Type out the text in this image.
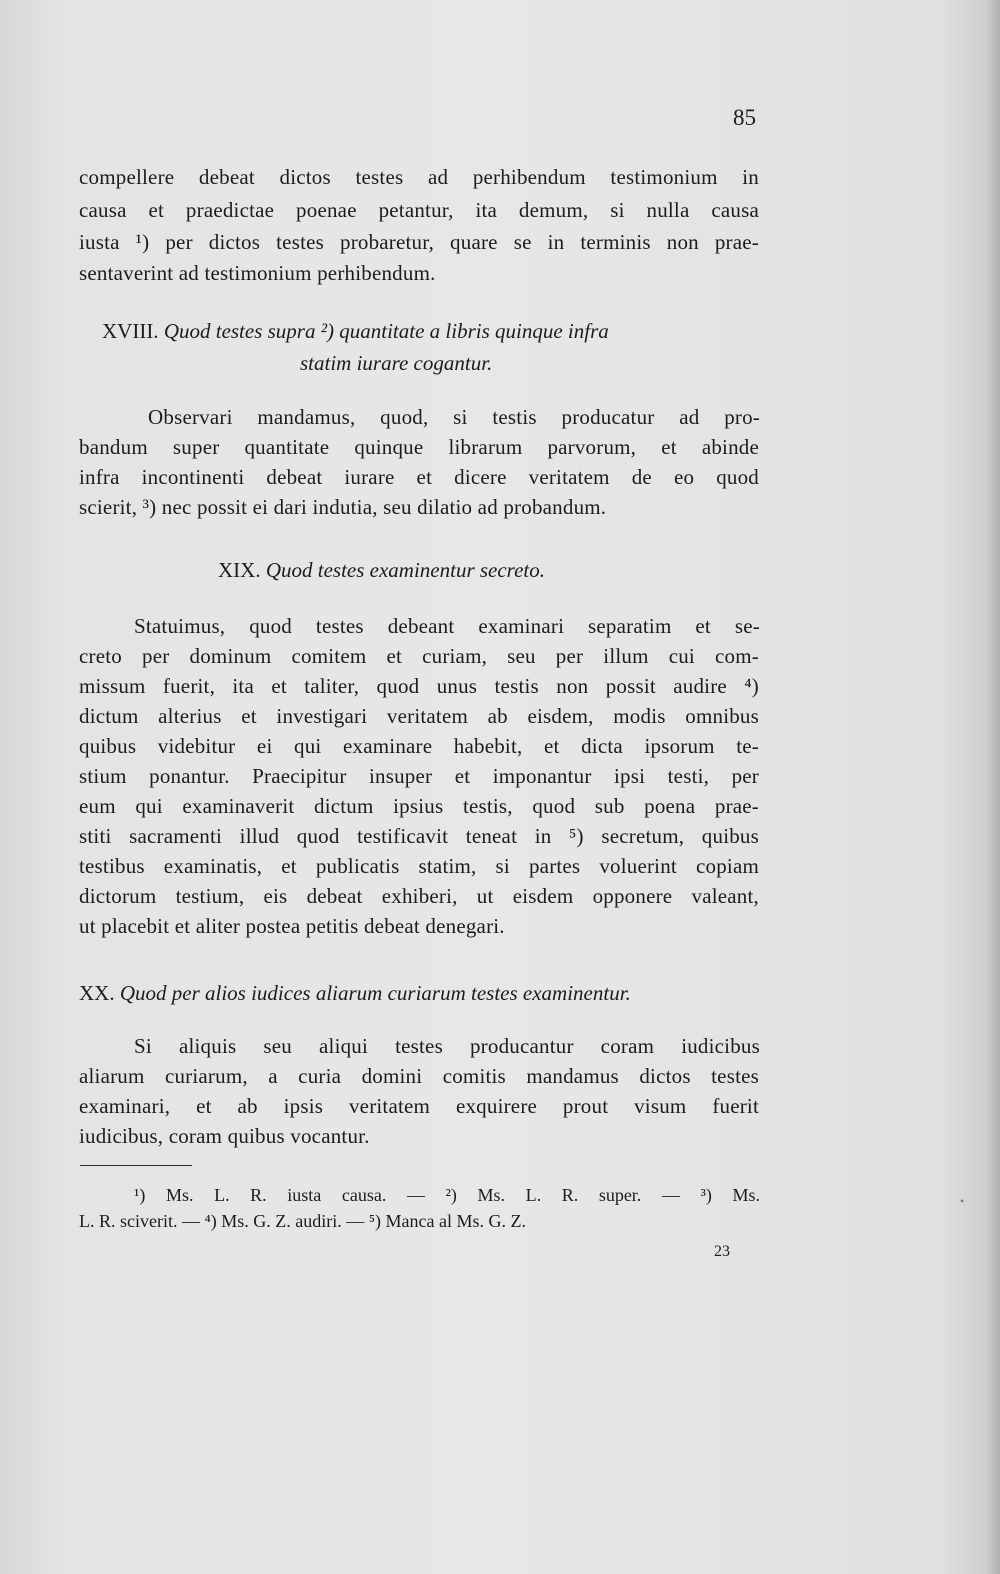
85
compellere debeat dictos testes ad perhibendum testimonium in
causa et praedictae poenae petantur, ita demum, si nulla causa
iusta ¹) per dictos testes probaretur, quare se in terminis non prae-
sentaverint ad testimonium perhibendum.
XVIII. Quod testes supra ²) quantitate a libris quinque infra
statim iurare cogantur.
Observari mandamus, quod, si testis producatur ad pro-
bandum super quantitate quinque librarum parvorum, et abinde
infra incontinenti debeat iurare et dicere veritatem de eo quod
scierit, ³) nec possit ei dari indutia, seu dilatio ad probandum.
XIX. Quod testes examinentur secreto.
Statuimus, quod testes debeant examinari separatim et se-
creto per dominum comitem et curiam, seu per illum cui com-
missum fuerit, ita et taliter, quod unus testis non possit audire ⁴)
dictum alterius et investigari veritatem ab eisdem, modis omnibus
quibus videbitur ei qui examinare habebit, et dicta ipsorum te-
stium ponantur. Praecipitur insuper et imponantur ipsi testi, per
eum qui examinaverit dictum ipsius testis, quod sub poena prae-
stiti sacramenti illud quod testificavit teneat in ⁵) secretum, quibus
testibus examinatis, et publicatis statim, si partes voluerint copiam
dictorum testium, eis debeat exhiberi, ut eisdem opponere valeant,
ut placebit et aliter postea petitis debeat denegari.
XX. Quod per alios iudices aliarum curiarum testes examinentur.
Si aliquis seu aliqui testes producantur coram iudicibus
aliarum curiarum, a curia domini comitis mandamus dictos testes
examinari, et ab ipsis veritatem exquirere prout visum fuerit
iudicibus, coram quibus vocantur.
¹) Ms. L. R. iusta causa. — ²) Ms. L. R. super. — ³) Ms.
L. R. sciverit. — ⁴) Ms. G. Z. audiri. — ⁵) Manca al Ms. G. Z.
23
•
